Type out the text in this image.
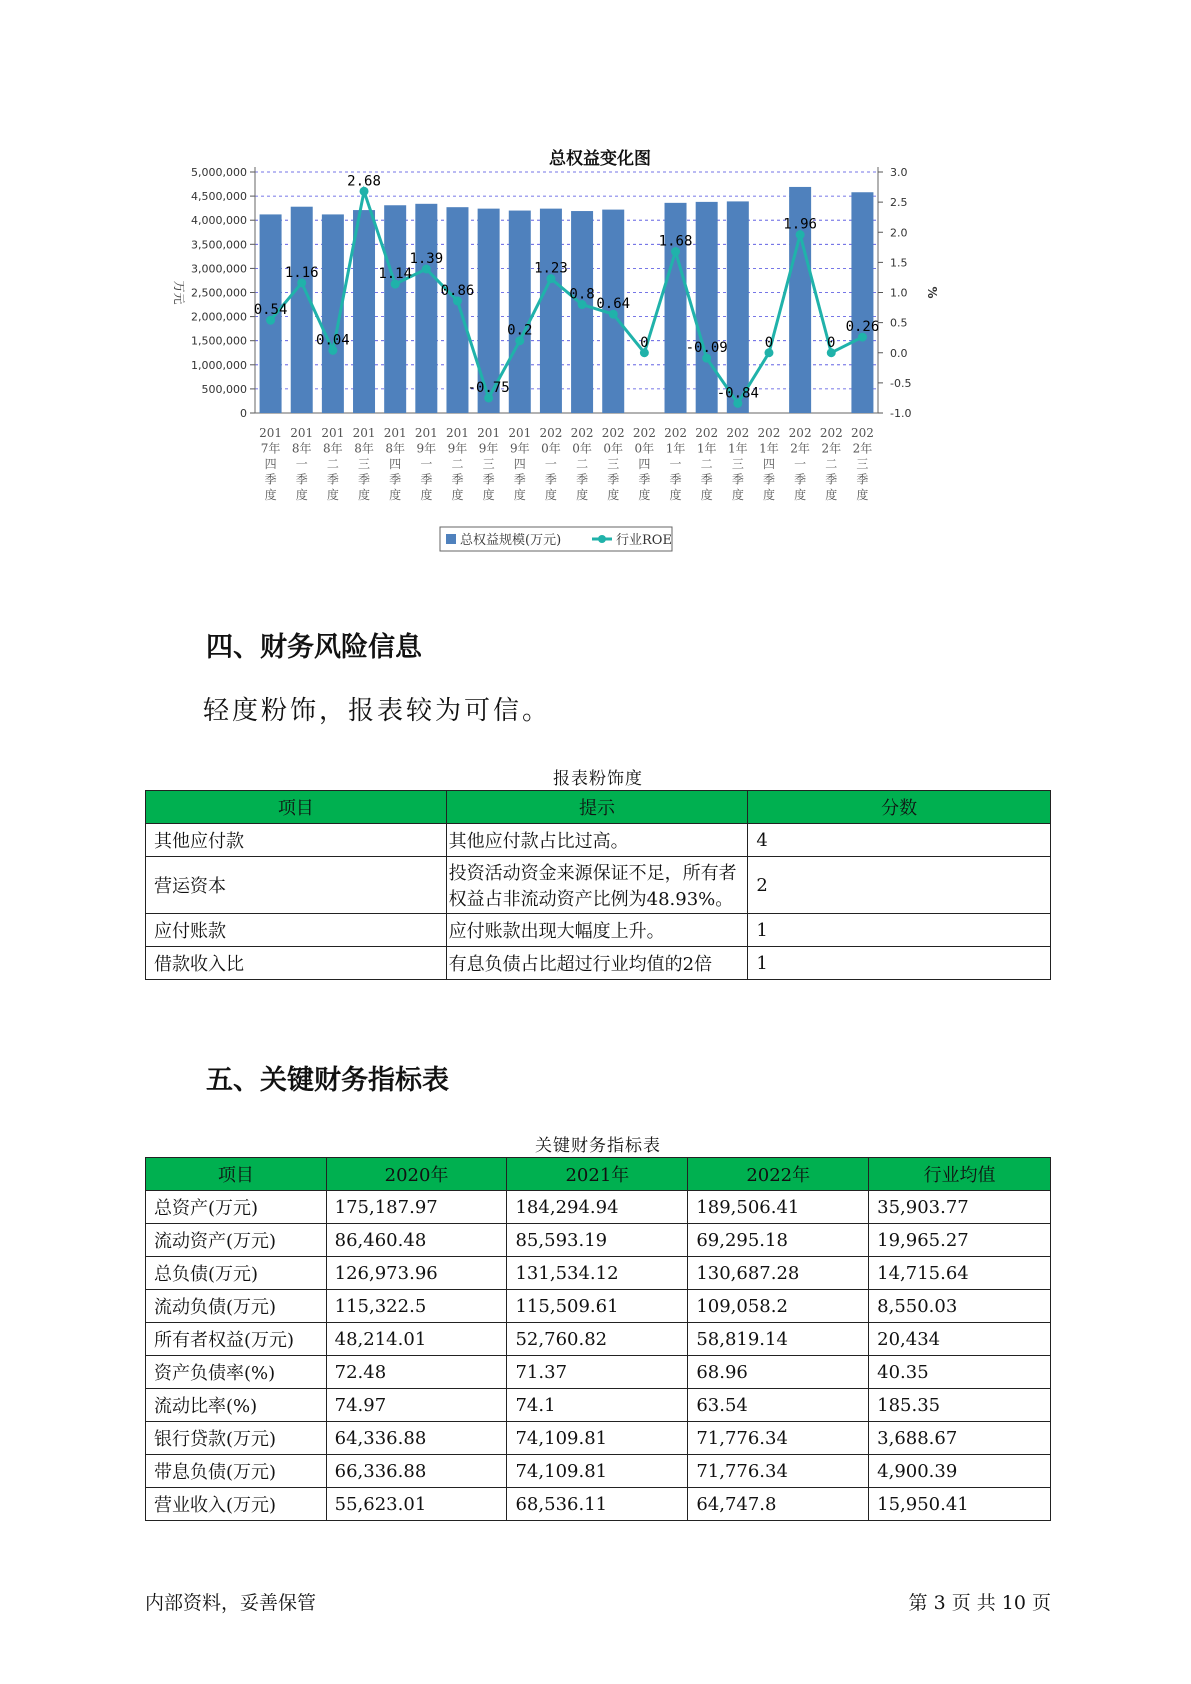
总权益变化图
0
500,000
1,000,000
1,500,000
2,000,000
2,500,000
3,000,000
3,500,000
4,000,000
4,500,000
5,000,000
-1.0
-0.5
0.0
0.5
1.0
1.5
2.0
2.5
3.0
万元	%
0.54
1.16
0.04
2.68
1.14
1.39
0.86
-0.75
0.2
1.23
0.8
0.64
0
1.68
-0.09
-0.84
0
1.96
0
0.26
201 7年四季度
201 8年一季度
201 8年二季度
201 8年三季度
201 8年四季度
201 9年一季度
201 9年二季度
201 9年三季度
201 9年四季度
202 0年一季度
202 0年二季度
202 0年三季度
202 0年四季度
202 1年一季度
202 1年二季度
202 1年三季度
202 1年四季度
202 2年一季度
202 2年二季度
202 2年三季度
总权益规模(万元)	行业ROE
四、财务风险信息
轻度粉饰，报表较为可信。
报表粉饰度
项目	提示	分数
其他应付款	其他应付款占比过高。	4
营运资本	投资活动资金来源保证不足，所有者权益占非流动资产比例为48.93%。	2
应付账款	应付账款出现大幅度上升。	1
借款收入比	有息负债占比超过行业均值的2倍	1
五、关键财务指标表
关键财务指标表
项目	2020年	2021年	2022年	行业均值
总资产(万元)	175,187.97	184,294.94	189,506.41	35,903.77
流动资产(万元)	86,460.48	85,593.19	69,295.18	19,965.27
总负债(万元)	126,973.96	131,534.12	130,687.28	14,715.64
流动负债(万元)	115,322.5	115,509.61	109,058.2	8,550.03
所有者权益(万元)	48,214.01	52,760.82	58,819.14	20,434
资产负债率(%)	72.48	71.37	68.96	40.35
流动比率(%)	74.97	74.1	63.54	185.35
银行贷款(万元)	64,336.88	74,109.81	71,776.34	3,688.67
带息负债(万元)	66,336.88	74,109.81	71,776.34	4,900.39
营业收入(万元)	55,623.01	68,536.11	64,747.8	15,950.41
内部资料，妥善保管	第 3 页 共 10 页
